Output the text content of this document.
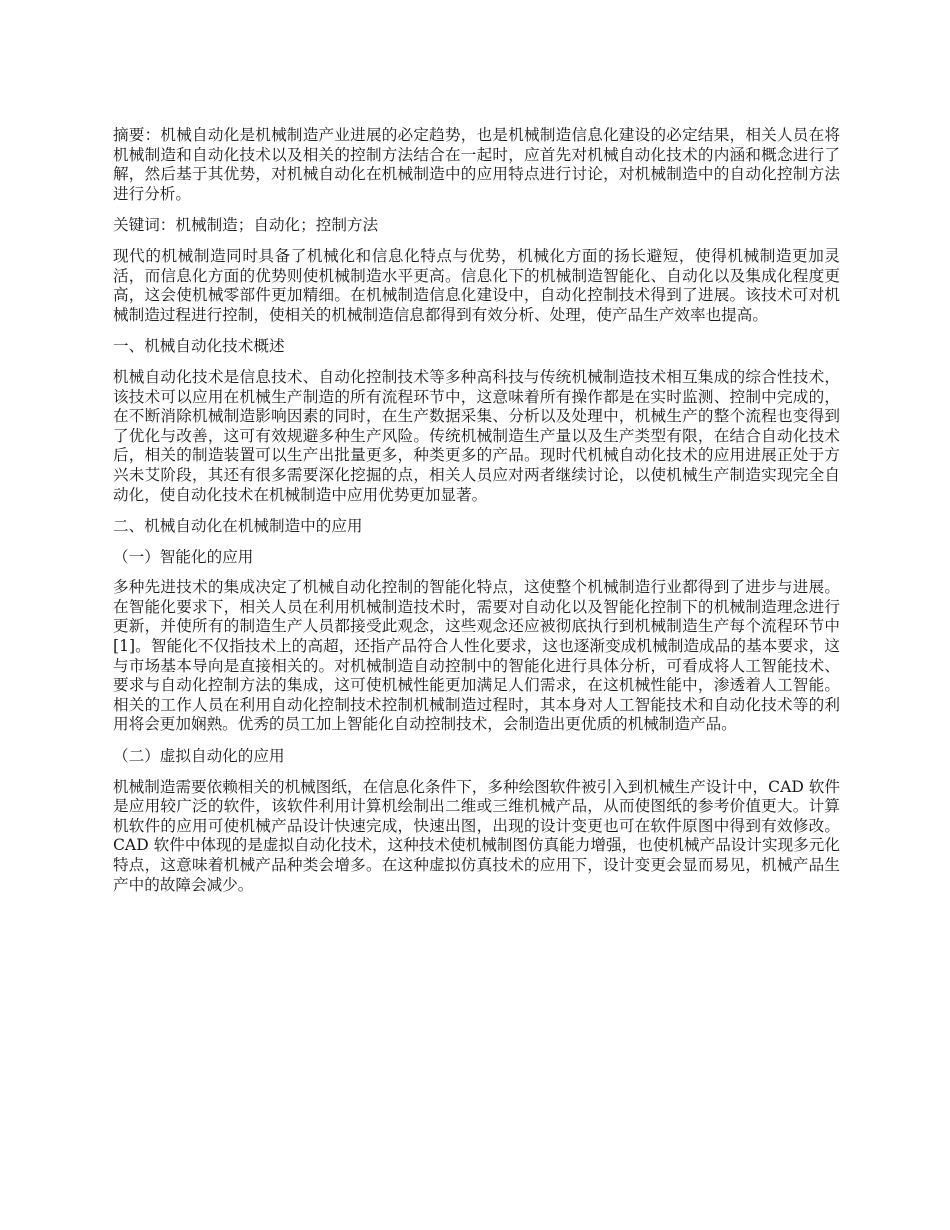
摘要：机械自动化是机械制造产业进展的必定趋势，也是机械制造信息化建设的必定结果，相关人员在将机械制造和自动化技术以及相关的控制方法结合在一起时，应首先对机械自动化技术的内涵和概念进行了解，然后基于其优势，对机械自动化在机械制造中的应用特点进行讨论，对机械制造中的自动化控制方法进行分析。

关键词：机械制造；自动化；控制方法

现代的机械制造同时具备了机械化和信息化特点与优势，机械化方面的扬长避短，使得机械制造更加灵活，而信息化方面的优势则使机械制造水平更高。信息化下的机械制造智能化、自动化以及集成化程度更高，这会使机械零部件更加精细。在机械制造信息化建设中，自动化控制技术得到了进展。该技术可对机械制造过程进行控制，使相关的机械制造信息都得到有效分析、处理，使产品生产效率也提高。

一、机械自动化技术概述

机械自动化技术是信息技术、自动化控制技术等多种高科技与传统机械制造技术相互集成的综合性技术，该技术可以应用在机械生产制造的所有流程环节中，这意味着所有操作都是在实时监测、控制中完成的，在不断消除机械制造影响因素的同时，在生产数据采集、分析以及处理中，机械生产的整个流程也变得到了优化与改善，这可有效规避多种生产风险。传统机械制造生产量以及生产类型有限，在结合自动化技术后，相关的制造装置可以生产出批量更多，种类更多的产品。现时代机械自动化技术的应用进展正处于方兴未艾阶段，其还有很多需要深化挖掘的点，相关人员应对两者继续讨论，以使机械生产制造实现完全自动化，使自动化技术在机械制造中应用优势更加显著。

二、机械自动化在机械制造中的应用

（一）智能化的应用

多种先进技术的集成决定了机械自动化控制的智能化特点，这使整个机械制造行业都得到了进步与进展。在智能化要求下，相关人员在利用机械制造技术时，需要对自动化以及智能化控制下的机械制造理念进行更新，并使所有的制造生产人员都接受此观念，这些观念还应被彻底执行到机械制造生产每个流程环节中[1]。智能化不仅指技术上的高超，还指产品符合人性化要求，这也逐渐变成机械制造成品的基本要求，这与市场基本导向是直接相关的。对机械制造自动控制中的智能化进行具体分析，可看成将人工智能技术、要求与自动化控制方法的集成，这可使机械性能更加满足人们需求，在这机械性能中，渗透着人工智能。相关的工作人员在利用自动化控制技术控制机械制造过程时，其本身对人工智能技术和自动化技术等的利用将会更加娴熟。优秀的员工加上智能化自动控制技术，会制造出更优质的机械制造产品。

（二）虚拟自动化的应用

机械制造需要依赖相关的机械图纸，在信息化条件下，多种绘图软件被引入到机械生产设计中，CAD 软件是应用较广泛的软件，该软件利用计算机绘制出二维或三维机械产品，从而使图纸的参考价值更大。计算机软件的应用可使机械产品设计快速完成，快速出图，出现的设计变更也可在软件原图中得到有效修改。CAD 软件中体现的是虚拟自动化技术，这种技术使机械制图仿真能力增强，也使机械产品设计实现多元化特点，这意味着机械产品种类会增多。在这种虚拟仿真技术的应用下，设计变更会显而易见，机械产品生产中的故障会减少。
